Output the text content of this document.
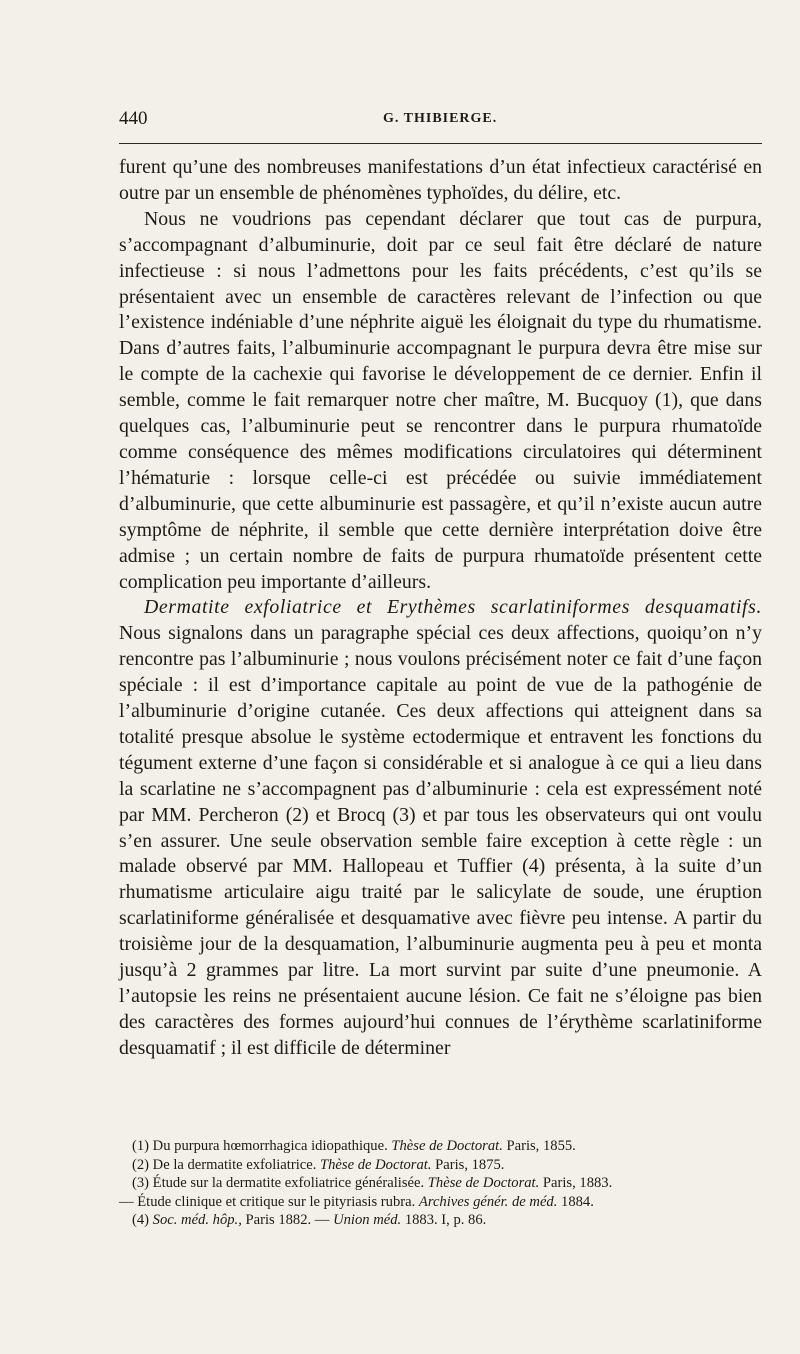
440	G. THIBIERGE.

furent qu’une des nombreuses manifestations d’un état infectieux caractérisé en outre par un ensemble de phénomènes typhoïdes, du délire, etc.

Nous ne voudrions pas cependant déclarer que tout cas de purpura, s’accompagnant d’albuminurie, doit par ce seul fait être déclaré de nature infectieuse : si nous l’admettons pour les faits précédents, c’est qu’ils se présentaient avec un ensemble de caractères relevant de l’infection ou que l’existence indéniable d’une néphrite aiguë les éloignait du type du rhumatisme. Dans d’autres faits, l’albuminurie accompagnant le purpura devra être mise sur le compte de la cachexie qui favorise le développement de ce dernier. Enfin il semble, comme le fait remarquer notre cher maître, M. Bucquoy (1), que dans quelques cas, l’albuminurie peut se rencontrer dans le purpura rhumatoïde comme conséquence des mêmes modifications circulatoires qui déterminent l’hématurie : lorsque celle-ci est précédée ou suivie immédiatement d’albuminurie, que cette albuminurie est passagère, et qu’il n’existe aucun autre symptôme de néphrite, il semble que cette dernière interprétation doive être admise ; un certain nombre de faits de purpura rhumatoïde présentent cette complication peu importante d’ailleurs.

Dermatite exfoliatrice et Erythèmes scarlatiniformes desquamatifs. Nous signalons dans un paragraphe spécial ces deux affections, quoiqu’on n’y rencontre pas l’albuminurie ; nous voulons précisément noter ce fait d’une façon spéciale : il est d’importance capitale au point de vue de la pathogénie de l’albuminurie d’origine cutanée. Ces deux affections qui atteignent dans sa totalité presque absolue le système ectodermique et entravent les fonctions du tégument externe d’une façon si considérable et si analogue à ce qui a lieu dans la scarlatine ne s’accompagnent pas d’albuminurie : cela est expressément noté par MM. Percheron (2) et Brocq (3) et par tous les observateurs qui ont voulu s’en assurer. Une seule observation semble faire exception à cette règle : un malade observé par MM. Hallopeau et Tuffier (4) présenta, à la suite d’un rhumatisme articulaire aigu traité par le salicylate de soude, une éruption scarlatiniforme généralisée et desquamative avec fièvre peu intense. A partir du troisième jour de la desquamation, l’albuminurie augmenta peu à peu et monta jusqu’à 2 grammes par litre. La mort survint par suite d’une pneumonie. A l’autopsie les reins ne présentaient aucune lésion. Ce fait ne s’éloigne pas bien des caractères des formes aujourd’hui connues de l’érythème scarlatiniforme desquamatif ; il est difficile de déterminer

(1) Du purpura hœmorrhagica idiopathique. Thèse de Doctorat. Paris, 1855.

(2) De la dermatite exfoliatrice. Thèse de Doctorat. Paris, 1875.

(3) Étude sur la dermatite exfoliatrice généralisée. Thèse de Doctorat. Paris, 1883.

— Étude clinique et critique sur le pityriasis rubra. Archives génér. de méd. 1884.

(4) Soc. méd. hôp., Paris 1882. — Union méd. 1883. I, p. 86.
